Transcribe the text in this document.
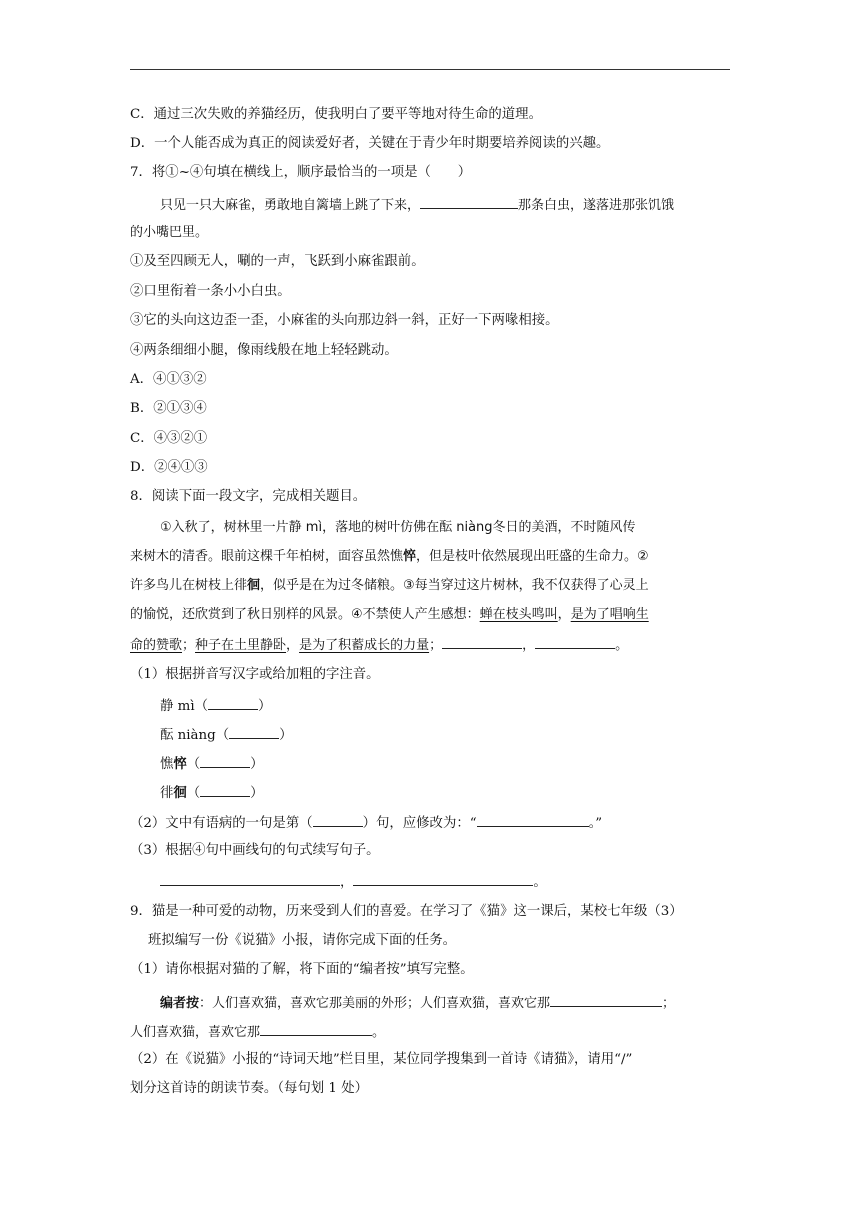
C．通过三次失败的养猫经历，使我明白了要平等地对待生命的道理。
D．一个人能否成为真正的阅读爱好者，关键在于青少年时期要培养阅读的兴趣。
7．将①~④句填在横线上，顺序最恰当的一项是（　　）
只见一只大麻雀，勇敢地自篱墙上跳了下来，	那条白虫，遂落进那张饥饿
的小嘴巴里。
①及至四顾无人，唰的一声，飞跃到小麻雀跟前。
②口里衔着一条小小白虫。
③它的头向这边歪一歪，小麻雀的头向那边斜一斜，正好一下两喙相接。
④两条细细小腿，像雨线般在地上轻轻跳动。
A．④①③②
B．②①③④
C．④③②①
D．②④①③
8．阅读下面一段文字，完成相关题目。
①入秋了，树林里一片静 mì，落地的树叶仿佛在酝 niàng冬日的美酒，不时随风传
来树木的清香。眼前这棵千年柏树，面容虽然憔悴，但是枝叶依然展现出旺盛的生命力。②
许多鸟儿在树枝上徘徊，似乎是在为过冬储粮。③每当穿过这片树林，我不仅获得了心灵上
的愉悦，还欣赏到了秋日别样的风景。④不禁使人产生感想：蝉在枝头鸣叫，是为了唱响生
命的赞歌；种子在土里静卧，是为了积蓄成长的力量；	，	。
（1）根据拼音写汉字或给加粗的字注音。
静 mì（	）
酝 niàng（	）
憔悴（	）
徘徊（	）
（2）文中有语病的一句是第（	）句，应修改为：“	。”
（3）根据④句中画线句的句式续写句子。
，	。
9．猫是一种可爱的动物，历来受到人们的喜爱。在学习了《猫》这一课后，某校七年级（3）
班拟编写一份《说猫》小报，请你完成下面的任务。
（1）请你根据对猫的了解，将下面的“编者按”填写完整。
编者按：人们喜欢猫，喜欢它那美丽的外形；人们喜欢猫，喜欢它那	；
人们喜欢猫，喜欢它那	。
（2）在《说猫》小报的“诗词天地”栏目里，某位同学搜集到一首诗《请猫》，请用“/”
划分这首诗的朗读节奏。（每句划 1 处）
